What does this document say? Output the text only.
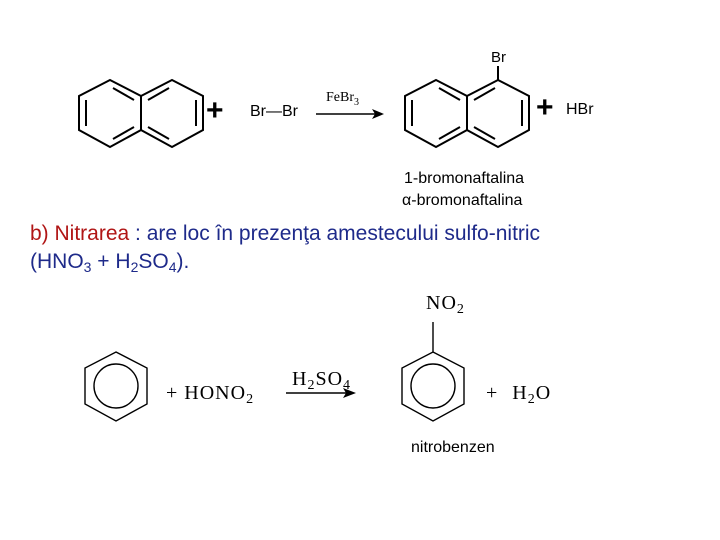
+ Br—Br
FeBr$_3$
Br
+ HBr
1-bromonaftalina
α-bromonaftalina
b) Nitrarea : are loc în prezenţa amestecului sulfo-nitric
$(HNO_3 + H_2SO_4)$.
+ $HONO_2$
$H_2SO_4$
$NO_2$
+ $H_2O$
nitrobenzen
